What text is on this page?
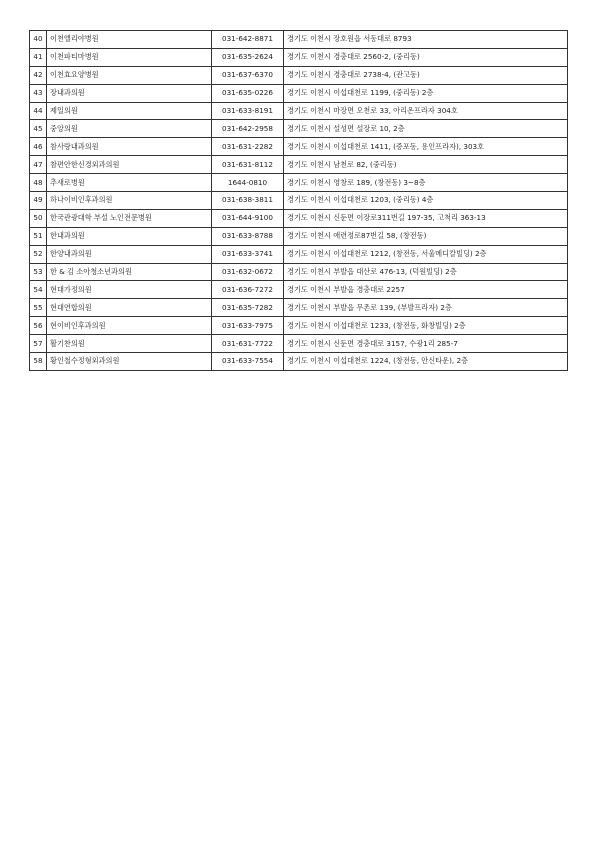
40	이천엘리야병원	031-642-8871	경기도 이천시 장호원읍 서동대로 8793
41	이천파티마병원	031-635-2624	경기도 이천시 경충대로 2560-2, (중리동)
42	이천효요양병원	031-637-6370	경기도 이천시 경충대로 2738-4, (관고동)
43	장내과의원	031-635-0226	경기도 이천시 이섭대천로 1199, (중리동) 2층
44	제일의원	031-633-8191	경기도 이천시 마장면 오천로 33, 아리온프라자 304호
45	중앙의원	031-642-2958	경기도 이천시 설성면 설장로 10, 2층
46	참사랑내과의원	031-631-2282	경기도 이천시 이섭대천로 1411, (증포동, 용인프라자), 303호
47	참편안한신경외과의원	031-631-8112	경기도 이천시 남천로 82, (중리동)
48	추새로병원	1644-0810	경기도 이천시 영창로 189, (창전동) 3~8층
49	하나이비인후과의원	031-638-3811	경기도 이천시 이섭대천로 1203, (중리동) 4층
50	한국관광대학 부설 노인전문병원	031-644-9100	경기도 이천시 신둔면 이장로311번길 197-35, 고척리 363-13
51	한내과의원	031-633-8788	경기도 이천시 애련정로87번길 58, (창전동)
52	한양내과의원	031-633-3741	경기도 이천시 이섭대천로 1212, (창전동, 서울메디칼빌딩) 2층
53	한 & 김 소아청소년과의원	031-632-0672	경기도 이천시 부발읍 대산로 476-13, (덕원빌딩) 2층
54	현대가정의원	031-636-7272	경기도 이천시 부발읍 경충대로 2257
55	현대연합의원	031-635-7282	경기도 이천시 부발읍 무촌로 139, (부발프라자) 2층
56	현이비인후과의원	031-633-7975	경기도 이천시 이섭대천로 1233, (창전동, 화창빌딩) 2층
57	활기찬의원	031-631-7722	경기도 이천시 신둔면 경충대로 3157, 수광1리 285-7
58	황인철수정형외과의원	031-633-7554	경기도 이천시 이섭대천로 1224, (창전동, 안신타운), 2층
